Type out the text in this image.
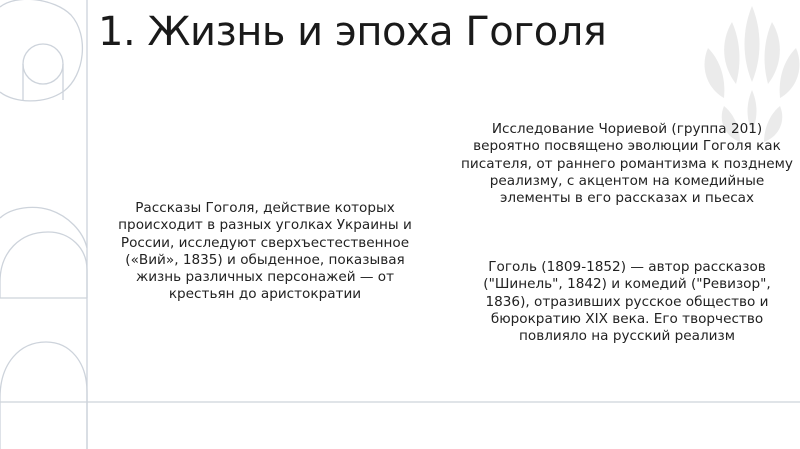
1. Жизнь и эпоха Гоголя

Рассказы Гоголя, действие которых происходит в разных уголках Украины и России, исследуют сверхъестественное («Вий», 1835) и обыденное, показывая жизнь различных персонажей — от крестьян до аристократии

Исследование Чориевой (группа 201) вероятно посвящено эволюции Гоголя как писателя, от раннего романтизма к позднему реализму, с акцентом на комедийные элементы в его рассказах и пьесах

Гоголь (1809-1852) — автор рассказов ("Шинель", 1842) и комедий ("Ревизор", 1836), отразивших русское общество и бюрократию XIX века. Его творчество повлияло на русский реализм
